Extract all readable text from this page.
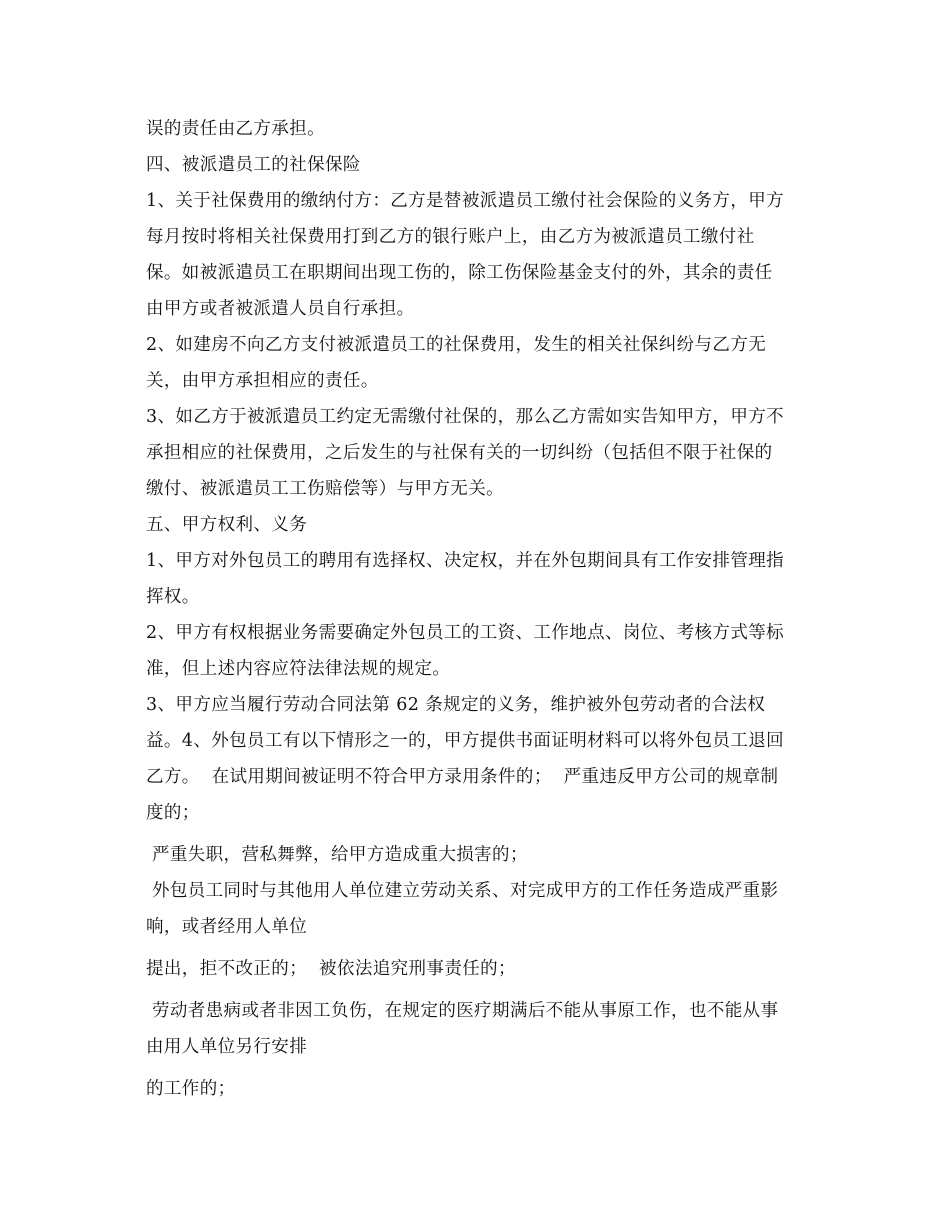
误的责任由乙方承担。
四、被派遣员工的社保保险
1、关于社保费用的缴纳付方：乙方是替被派遣员工缴付社会保险的义务方，甲方
每月按时将相关社保费用打到乙方的银行账户上，由乙方为被派遣员工缴付社
保。如被派遣员工在职期间出现工伤的，除工伤保险基金支付的外，其余的责任
由甲方或者被派遣人员自行承担。
2、如建房不向乙方支付被派遣员工的社保费用，发生的相关社保纠纷与乙方无
关，由甲方承担相应的责任。
3、如乙方于被派遣员工约定无需缴付社保的，那么乙方需如实告知甲方，甲方不
承担相应的社保费用，之后发生的与社保有关的一切纠纷（包括但不限于社保的
缴付、被派遣员工工伤赔偿等）与甲方无关。
五、甲方权利、义务
1、甲方对外包员工的聘用有选择权、决定权，并在外包期间具有工作安排管理指
挥权。
2、甲方有权根据业务需要确定外包员工的工资、工作地点、岗位、考核方式等标
准，但上述内容应符法律法规的规定。
3、甲方应当履行劳动合同法第 62 条规定的义务，维护被外包劳动者的合法权
益。4、外包员工有以下情形之一的，甲方提供书面证明材料可以将外包员工退回
乙方。  在试用期间被证明不符合甲方录用条件的；  严重违反甲方公司的规章制
度的；
严重失职，营私舞弊，给甲方造成重大损害的；
外包员工同时与其他用人单位建立劳动关系、对完成甲方的工作任务造成严重影
响，或者经用人单位
提出，拒不改正的；  被依法追究刑事责任的；
劳动者患病或者非因工负伤，在规定的医疗期满后不能从事原工作，也不能从事
由用人单位另行安排
的工作的；
